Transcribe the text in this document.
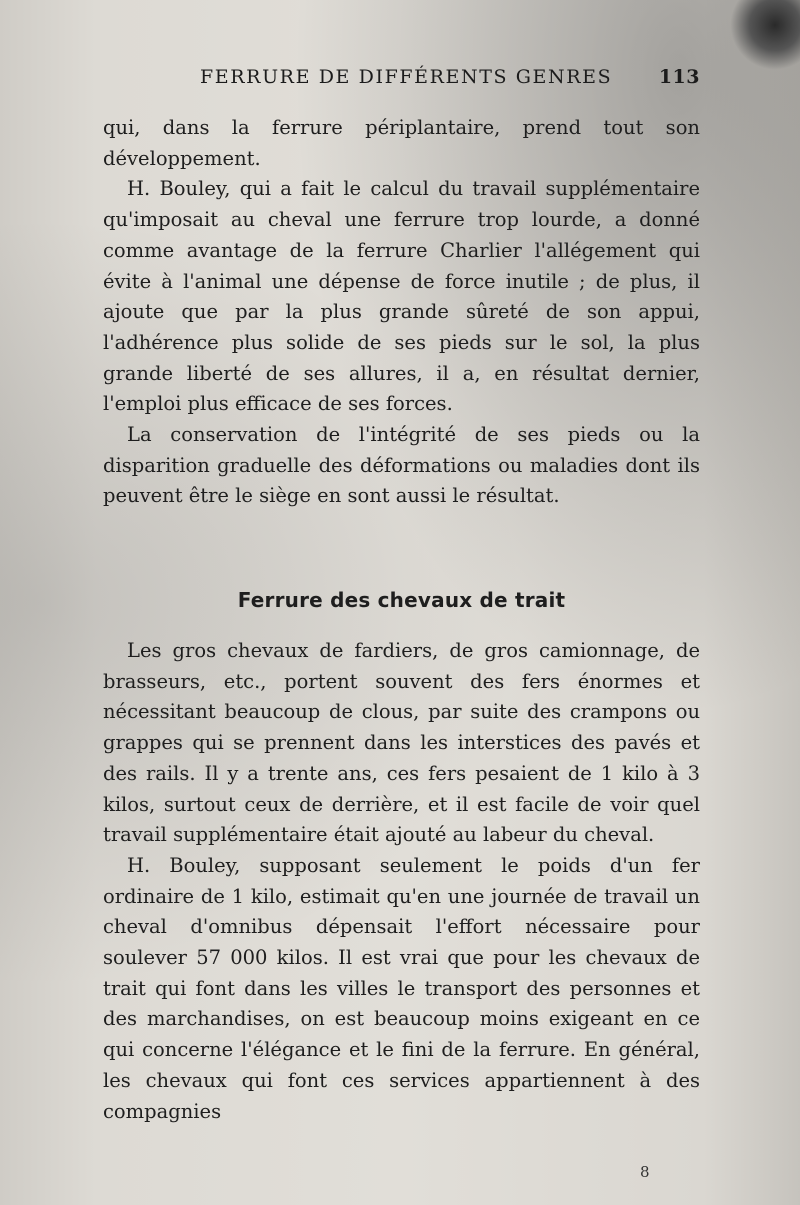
FERRURE DE DIFFÉRENTS GENRES 113

qui, dans la ferrure périplantaire, prend tout son développement.

H. Bouley, qui a fait le calcul du travail supplémentaire qu'imposait au cheval une ferrure trop lourde, a donné comme avantage de la ferrure Charlier l'allégement qui évite à l'animal une dépense de force inutile ; de plus, il ajoute que par la plus grande sûreté de son appui, l'adhérence plus solide de ses pieds sur le sol, la plus grande liberté de ses allures, il a, en résultat dernier, l'emploi plus efficace de ses forces.

La conservation de l'intégrité de ses pieds ou la disparition graduelle des déformations ou maladies dont ils peuvent être le siège en sont aussi le résultat.

Ferrure des chevaux de trait

Les gros chevaux de fardiers, de gros camionnage, de brasseurs, etc., portent souvent des fers énormes et nécessitant beaucoup de clous, par suite des crampons ou grappes qui se prennent dans les interstices des pavés et des rails. Il y a trente ans, ces fers pesaient de 1 kilo à 3 kilos, surtout ceux de derrière, et il est facile de voir quel travail supplémentaire était ajouté au labeur du cheval.

H. Bouley, supposant seulement le poids d'un fer ordinaire de 1 kilo, estimait qu'en une journée de travail un cheval d'omnibus dépensait l'effort nécessaire pour soulever 57 000 kilos. Il est vrai que pour les chevaux de trait qui font dans les villes le transport des personnes et des marchandises, on est beaucoup moins exigeant en ce qui concerne l'élégance et le fini de la ferrure. En général, les chevaux qui font ces services appartiennent à des compagnies

8
